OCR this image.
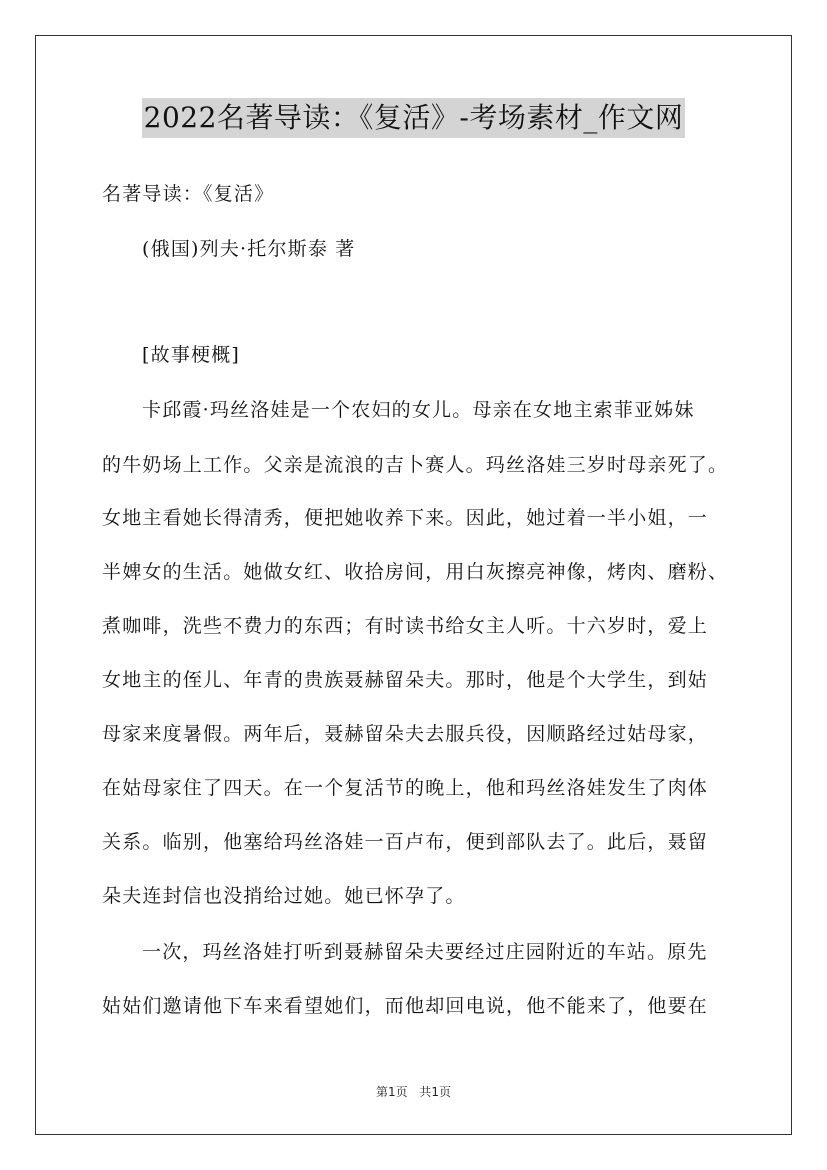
2022名著导读：《复活》-考场素材_作文网
名著导读：《复活》
(俄国)列夫·托尔斯泰 著
[故事梗概]
卡邱霞·玛丝洛娃是一个农妇的女儿。母亲在女地主索菲亚姊妹
的牛奶场上工作。父亲是流浪的吉卜赛人。玛丝洛娃三岁时母亲死了。
女地主看她长得清秀，便把她收养下来。因此，她过着一半小姐，一
半婢女的生活。她做女红、收拾房间，用白灰擦亮神像，烤肉、磨粉、
煮咖啡，洗些不费力的东西；有时读书给女主人听。十六岁时，爱上
女地主的侄儿、年青的贵族聂赫留朵夫。那时，他是个大学生，到姑
母家来度暑假。两年后，聂赫留朵夫去服兵役，因顺路经过姑母家，
在姑母家住了四天。在一个复活节的晚上，他和玛丝洛娃发生了肉体
关系。临别，他塞给玛丝洛娃一百卢布，便到部队去了。此后，聂留
朵夫连封信也没捎给过她。她已怀孕了。
一次，玛丝洛娃打听到聂赫留朵夫要经过庄园附近的车站。原先
姑姑们邀请他下车来看望她们，而他却回电说，他不能来了，他要在
第1页 共1页
